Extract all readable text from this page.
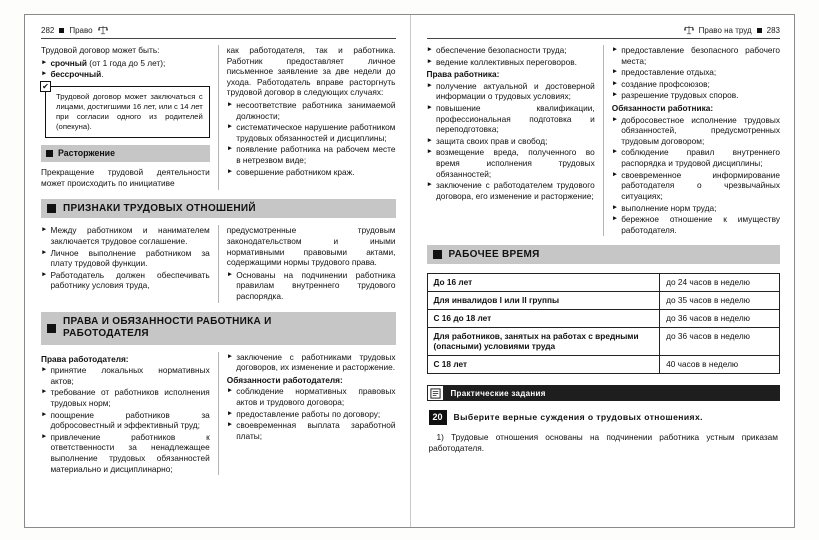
282 Право
Трудовой договор может быть:
► срочный (от 1 года до 5 лет);
► бессрочный.
✔
Трудовой договор может заключаться с лицами, достигшими 16 лет, или с 14 лет при согласии одного из родителей (опекуна).
Расторжение
Прекращение трудовой деятельности может происходить по инициативе
как работодателя, так и работника. Работник предоставляет личное письменное заявление за две недели до ухода. Работодатель вправе расторгнуть трудовой договор в следующих случаях:
► несоответствие работника занимаемой должности;
► систематическое нарушение работником трудовых обязанностей и дисциплины;
► появление работника на рабочем месте в нетрезвом виде;
► совершение работником краж.
ПРИЗНАКИ ТРУДОВЫХ ОТНОШЕНИЙ
► Между работником и нанимателем заключается трудовое соглашение.
► Личное выполнение работником за плату трудовой функции.
► Работодатель должен обеспечивать работнику условия труда,
предусмотренные трудовым законодательством и иными нормативными правовыми актами, содержащими нормы трудового права.
► Основаны на подчинении работника правилам внутреннего трудового распорядка.
ПРАВА И ОБЯЗАННОСТИ РАБОТНИКА И РАБОТОДАТЕЛЯ
Права работодателя:
► принятие локальных нормативных актов;
► требование от работников исполнения трудовых норм;
► поощрение работников за добросовестный и эффективный труд;
► привлечение работников к ответственности за ненадлежащее выполнение трудовых обязанностей материально и дисциплинарно;
► заключение с работниками трудовых договоров, их изменение и расторжение.
Обязанности работодателя:
► соблюдение нормативных правовых актов и трудового договора;
► предоставление работы по договору;
► своевременная выплата заработной платы;
Право на труд 283
► обеспечение безопасности труда;
► ведение коллективных переговоров.
Права работника:
► получение актуальной и достоверной информации о трудовых условиях;
► повышение квалификации, профессиональная подготовка и переподготовка;
► защита своих прав и свобод;
► возмещение вреда, полученного во время исполнения трудовых обязанностей;
► заключение с работодателем трудового договора, его изменение и расторжение;
► предоставление безопасного рабочего места;
► предоставление отдыха;
► создание профсоюзов;
► разрешение трудовых споров.
Обязанности работника:
► добросовестное исполнение трудовых обязанностей, предусмотренных трудовым договором;
► соблюдение правил внутреннего распорядка и трудовой дисциплины;
► своевременное информирование работодателя о чрезвычайных ситуациях;
► выполнение норм труда;
► бережное отношение к имуществу работодателя.
РАБОЧЕЕ ВРЕМЯ
До 16 лет	до 24 часов в неделю
Для инвалидов I или II группы	до 35 часов в неделю
С 16 до 18 лет	до 36 часов в неделю
Для работников, занятых на работах с вредными (опасными) условиями труда	до 36 часов в неделю
С 18 лет	40 часов в неделю
Практические задания
20	Выберите верные суждения о трудовых отношениях.
1) Трудовые отношения основаны на подчинении работника устным приказам работодателя.
